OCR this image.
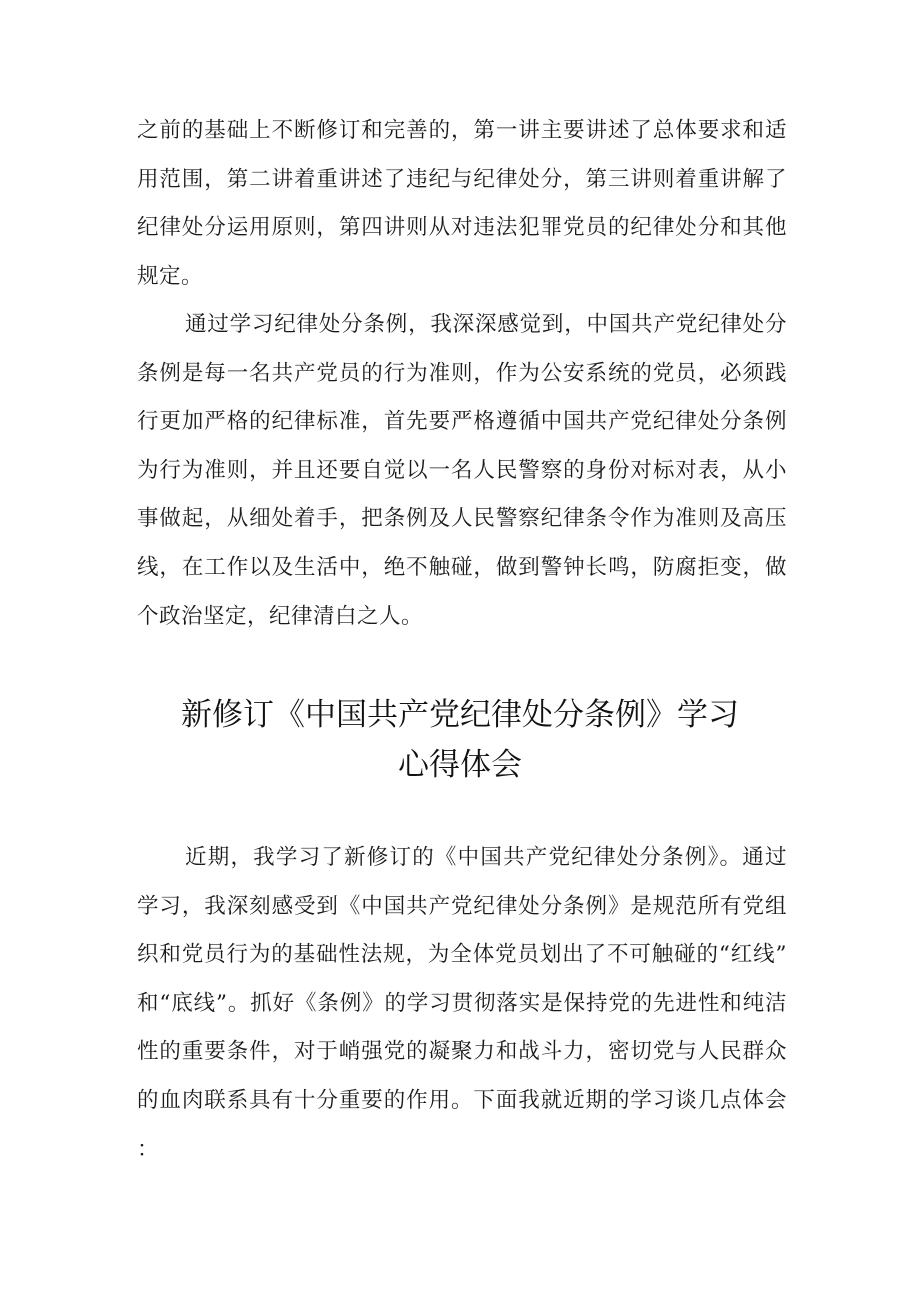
之前的基础上不断修订和完善的，第一讲主要讲述了总体要求和适用范围，第二讲着重讲述了违纪与纪律处分，第三讲则着重讲解了纪律处分运用原则，第四讲则从对违法犯罪党员的纪律处分和其他规定。

通过学习纪律处分条例，我深深感觉到，中国共产党纪律处分条例是每一名共产党员的行为准则，作为公安系统的党员，必须践行更加严格的纪律标准，首先要严格遵循中国共产党纪律处分条例为行为准则，并且还要自觉以一名人民警察的身份对标对表，从小事做起，从细处着手，把条例及人民警察纪律条令作为准则及高压线，在工作以及生活中，绝不触碰，做到警钟长鸣，防腐拒变，做个政治坚定，纪律清白之人。

新修订《中国共产党纪律处分条例》学习
心得体会

近期，我学习了新修订的《中国共产党纪律处分条例》。通过学习，我深刻感受到《中国共产党纪律处分条例》是规范所有党组织和党员行为的基础性法规，为全体党员划出了不可触碰的“红线”和“底线”。抓好《条例》的学习贯彻落实是保持党的先进性和纯洁性的重要条件，对于峭强党的凝聚力和战斗力，密切党与人民群众的血肉联系具有十分重要的作用。下面我就近期的学习谈几点体会：
